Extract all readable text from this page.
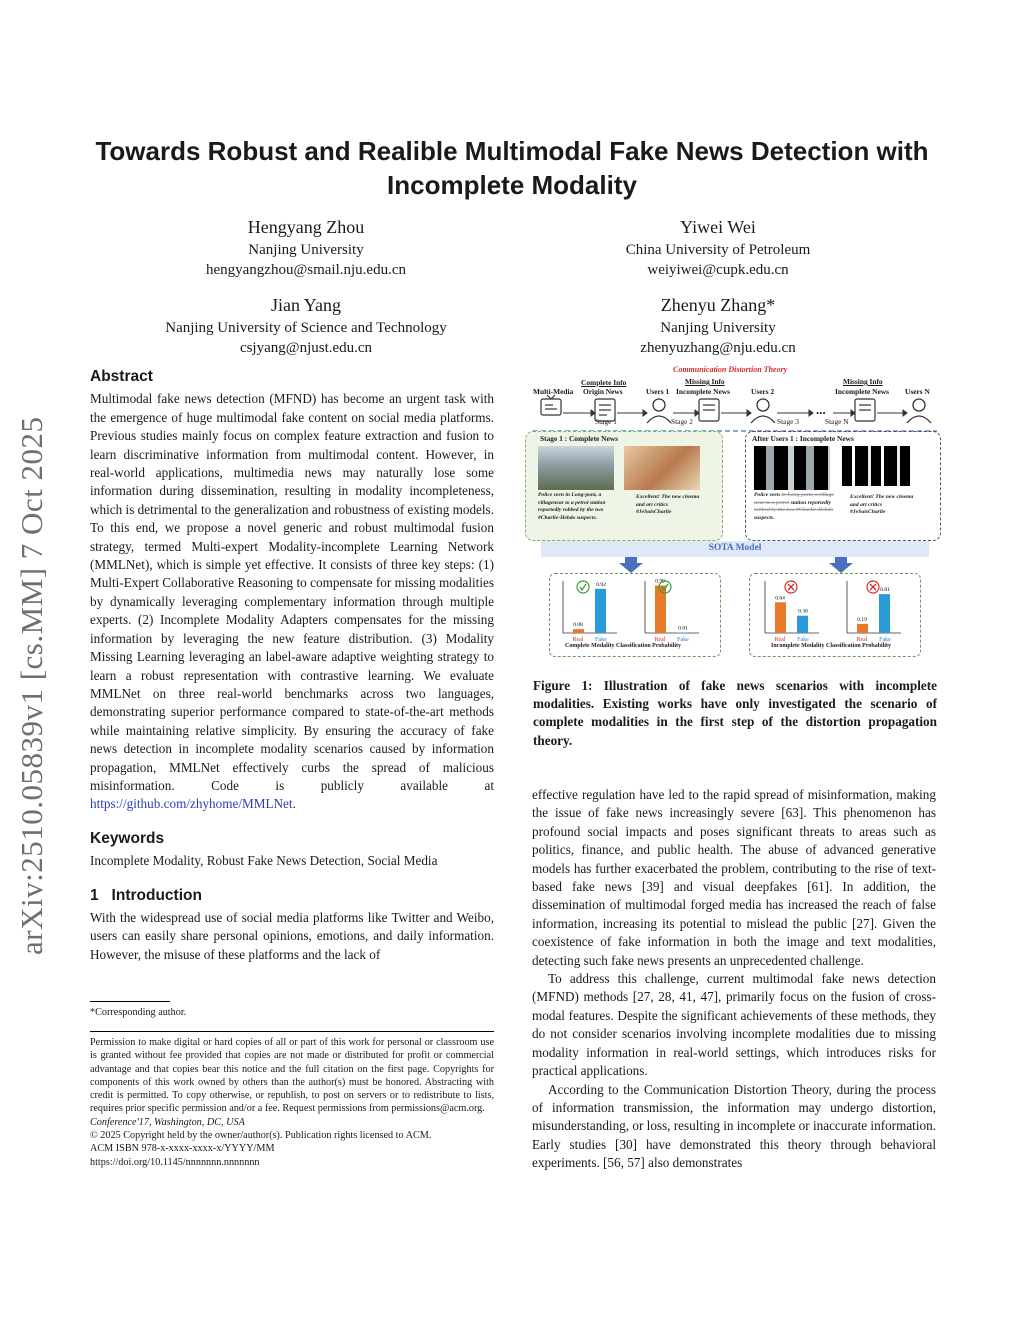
arXiv:2510.05839v1 [cs.MM] 7 Oct 2025
Towards Robust and Realible Multimodal Fake News Detection with Incomplete Modality
Hengyang Zhou
Nanjing University
hengyangzhou@smail.nju.edu.cn
Yiwei Wei
China University of Petroleum
weiyiwei@cupk.edu.cn
Jian Yang
Nanjing University of Science and Technology
csjyang@njust.edu.cn
Zhenyu Zhang*
Nanjing University
zhenyuzhang@nju.edu.cn
Abstract

Multimodal fake news detection (MFND) has become an urgent task with the emergence of huge multimodal fake content on social media platforms. Previous studies mainly focus on complex feature extraction and fusion to learn discriminative information from multimodal content. However, in real-world applications, multimedia news may naturally lose some information during dissemination, resulting in modality incompleteness, which is detrimental to the generalization and robustness of existing models. To this end, we propose a novel generic and robust multimodal fusion strategy, termed Multi-expert Modality-incomplete Learning Network (MMLNet), which is simple yet effective. It consists of three key steps: (1) Multi-Expert Collaborative Reasoning to compensate for missing modalities by dynamically leveraging complementary information through multiple experts. (2) Incomplete Modality Adapters compensates for the missing information by leveraging the new feature distribution. (3) Modality Missing Learning leveraging an label-aware adaptive weighting strategy to learn a robust representation with contrastive learning. We evaluate MMLNet on three real-world benchmarks across two languages, demonstrating superior performance compared to state-of-the-art methods while maintaining relative simplicity. By ensuring the accuracy of fake news detection in incomplete modality scenarios caused by information propagation, MMLNet effectively curbs the spread of malicious misinformation. Code is publicly available at https://github.com/zhyhome/MMLNet.

Keywords

Incomplete Modality, Robust Fake News Detection, Social Media

1 Introduction

With the widespread use of social media platforms like Twitter and Weibo, users can easily share personal opinions, emotions, and daily information. However, the misuse of these platforms and the lack of

*Corresponding author.
Permission to make digital or hard copies of all or part of this work for personal or classroom use is granted without fee provided that copies are not made or distributed for profit or commercial advantage and that copies bear this notice and the full citation on the first page. Copyrights for components of this work owned by others than the author(s) must be honored. Abstracting with credit is permitted. To copy otherwise, or republish, to post on servers or to redistribute to lists, requires prior specific permission and/or a fee. Request permissions from permissions@acm.org.
Conference'17, Washington, DC, USA
© 2025 Copyright held by the owner/author(s). Publication rights licensed to ACM.
ACM ISBN 978-x-xxxx-xxxx-x/YYYY/MM
https://doi.org/10.1145/nnnnnnn.nnnnnnn
Communication Distortion Theory
Multi-Media
Complete Info
Origin News	Users 1
Missing Info
Incomplete News	Users 2
Missing Info
Incomplete News Users N
...
Stage 1	Stage 2	Stage 3	Stage N
Stage 1 : Complete News
Police seen in Long-pont, a villagenear to a petrol station reportedly robbed by the two #Charlie-Hebdo suspects.
Excellent! The new cinema and art critics #JeSuisCharlie
After Users 1 : Incomplete News
Police seen in Long-pont, a village near to a petrol station reportedly robbed by the two #Charlie-Hebdo suspects.
Excellent! The new cinema and art critics #JeSuisCharlie
SOTA Model
0.08
0.92
Real Fake
0.99
0.01
Real Fake
0.64
0.36
Real Fake
0.19
0.81
Real Fake
Complete Modality Classification Probability	Incomplete Modality Classification Probability
Figure 1: Illustration of fake news scenarios with incomplete modalities. Existing works have only investigated the scenario of complete modalities in the first step of the distortion propagation theory.

effective regulation have led to the rapid spread of misinformation, making the issue of fake news increasingly severe [63]. This phenomenon has profound social impacts and poses significant threats to areas such as politics, finance, and public health. The abuse of advanced generative models has further exacerbated the problem, contributing to the rise of text-based fake news [39] and visual deepfakes [61]. In addition, the dissemination of multimodal forged media has increased the reach of false information, increasing its potential to mislead the public [27]. Given the coexistence of fake information in both the image and text modalities, detecting such fake news presents an unprecedented challenge.

To address this challenge, current multimodal fake news detection (MFND) methods [27, 28, 41, 47], primarily focus on the fusion of cross-modal features. Despite the significant achievements of these methods, they do not consider scenarios involving incomplete modalities due to missing modality information in real-world settings, which introduces risks for practical applications.

According to the Communication Distortion Theory, during the process of information transmission, the information may undergo distortion, misunderstanding, or loss, resulting in incomplete or inaccurate information. Early studies [30] have demonstrated this theory through behavioral experiments. [56, 57] also demonstrates
